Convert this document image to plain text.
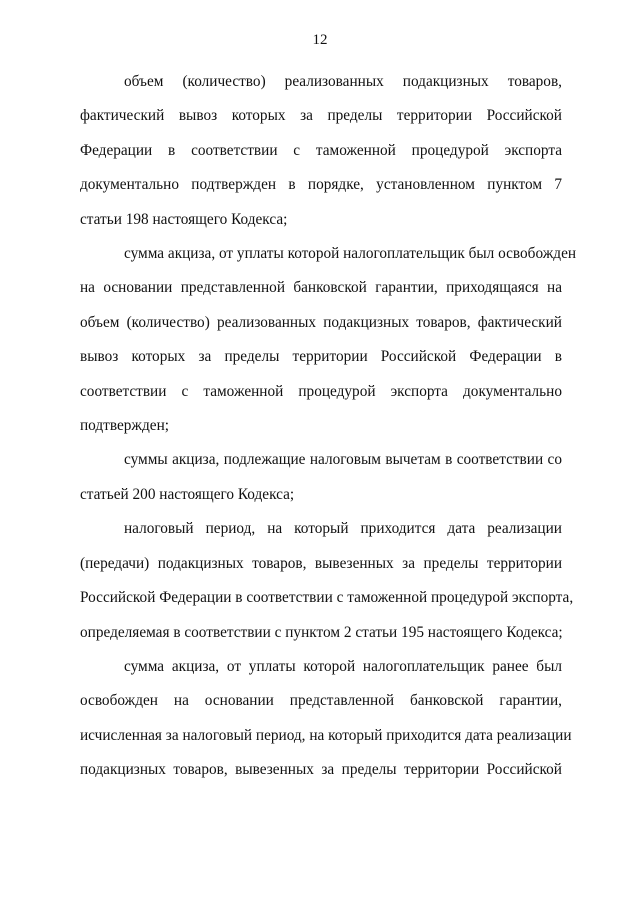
12

объем (количество) реализованных подакцизных товаров,
фактический вывоз которых за пределы территории Российской
Федерации в соответствии с таможенной процедурой экспорта
документально подтвержден в порядке, установленном пунктом 7
статьи 198 настоящего Кодекса;

сумма акциза, от уплаты которой налогоплательщик был освобожден
на основании представленной банковской гарантии, приходящаяся на
объем (количество) реализованных подакцизных товаров, фактический
вывоз которых за пределы территории Российской Федерации в
соответствии с таможенной процедурой экспорта документально
подтвержден;

суммы акциза, подлежащие налоговым вычетам в соответствии со
статьей 200 настоящего Кодекса;

налоговый период, на который приходится дата реализации
(передачи) подакцизных товаров, вывезенных за пределы территории
Российской Федерации в соответствии с таможенной процедурой экспорта,
определяемая в соответствии с пунктом 2 статьи 195 настоящего Кодекса;

сумма акциза, от уплаты которой налогоплательщик ранее был
освобожден на основании представленной банковской гарантии,
исчисленная за налоговый период, на который приходится дата реализации
подакцизных товаров, вывезенных за пределы территории Российской
